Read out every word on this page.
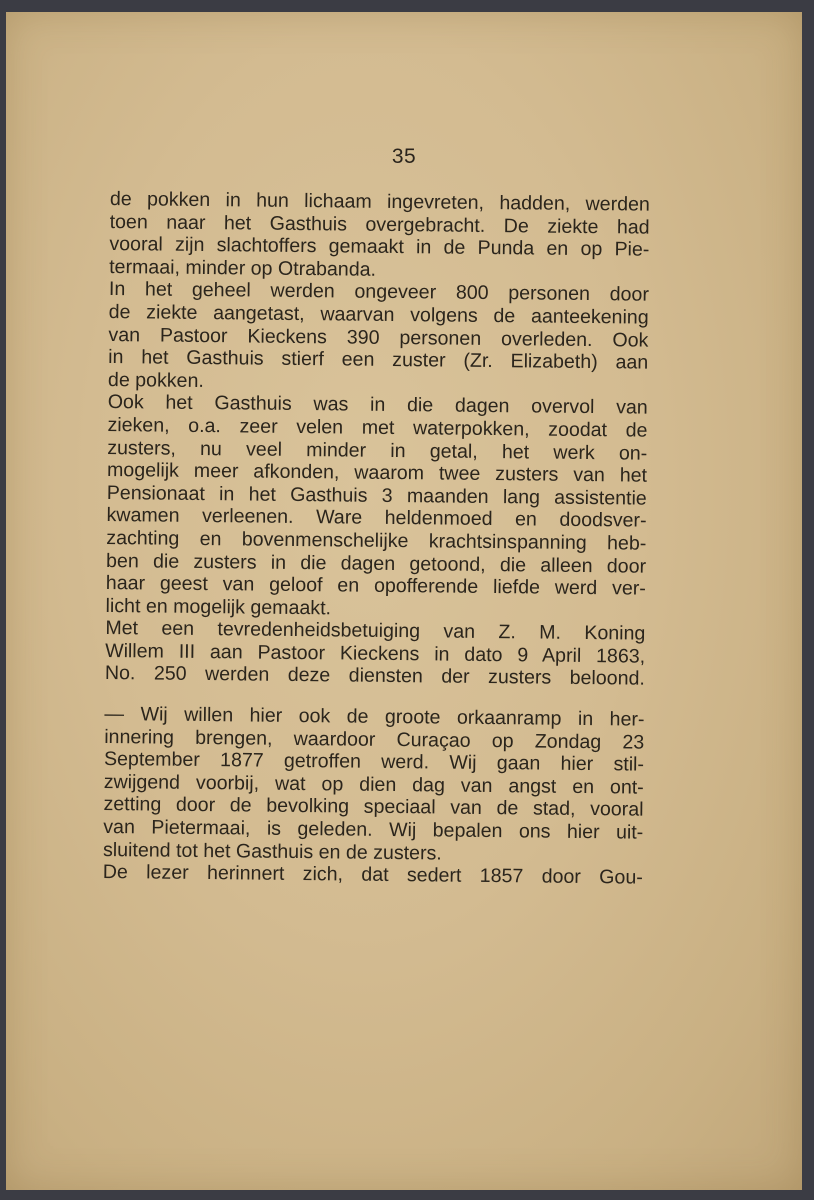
35
de pokken in hun lichaam ingevreten, hadden, werden
toen naar het Gasthuis overgebracht. De ziekte had
vooral zijn slachtoffers gemaakt in de Punda en op Pie-
termaai, minder op Otrabanda.
In het geheel werden ongeveer 800 personen door
de ziekte aangetast, waarvan volgens de aanteekening
van Pastoor Kieckens 390 personen overleden. Ook
in het Gasthuis stierf een zuster (Zr. Elizabeth) aan
de pokken.
Ook het Gasthuis was in die dagen overvol van
zieken, o.a. zeer velen met waterpokken, zoodat de
zusters, nu veel minder in getal, het werk on-
mogelijk meer afkonden, waarom twee zusters van het
Pensionaat in het Gasthuis 3 maanden lang assistentie
kwamen verleenen. Ware heldenmoed en doodsver-
zachting en bovenmenschelijke krachtsinspanning heb-
ben die zusters in die dagen getoond, die alleen door
haar geest van geloof en opofferende liefde werd ver-
licht en mogelijk gemaakt.
Met een tevredenheidsbetuiging van Z. M. Koning
Willem III aan Pastoor Kieckens in dato 9 April 1863,
No. 250 werden deze diensten der zusters beloond.
— Wij willen hier ook de groote orkaanramp in her-
innering brengen, waardoor Curaçao op Zondag 23
September 1877 getroffen werd. Wij gaan hier stil-
zwijgend voorbij, wat op dien dag van angst en ont-
zetting door de bevolking speciaal van de stad, vooral
van Pietermaai, is geleden. Wij bepalen ons hier uit-
sluitend tot het Gasthuis en de zusters.
De lezer herinnert zich, dat sedert 1857 door Gou-
